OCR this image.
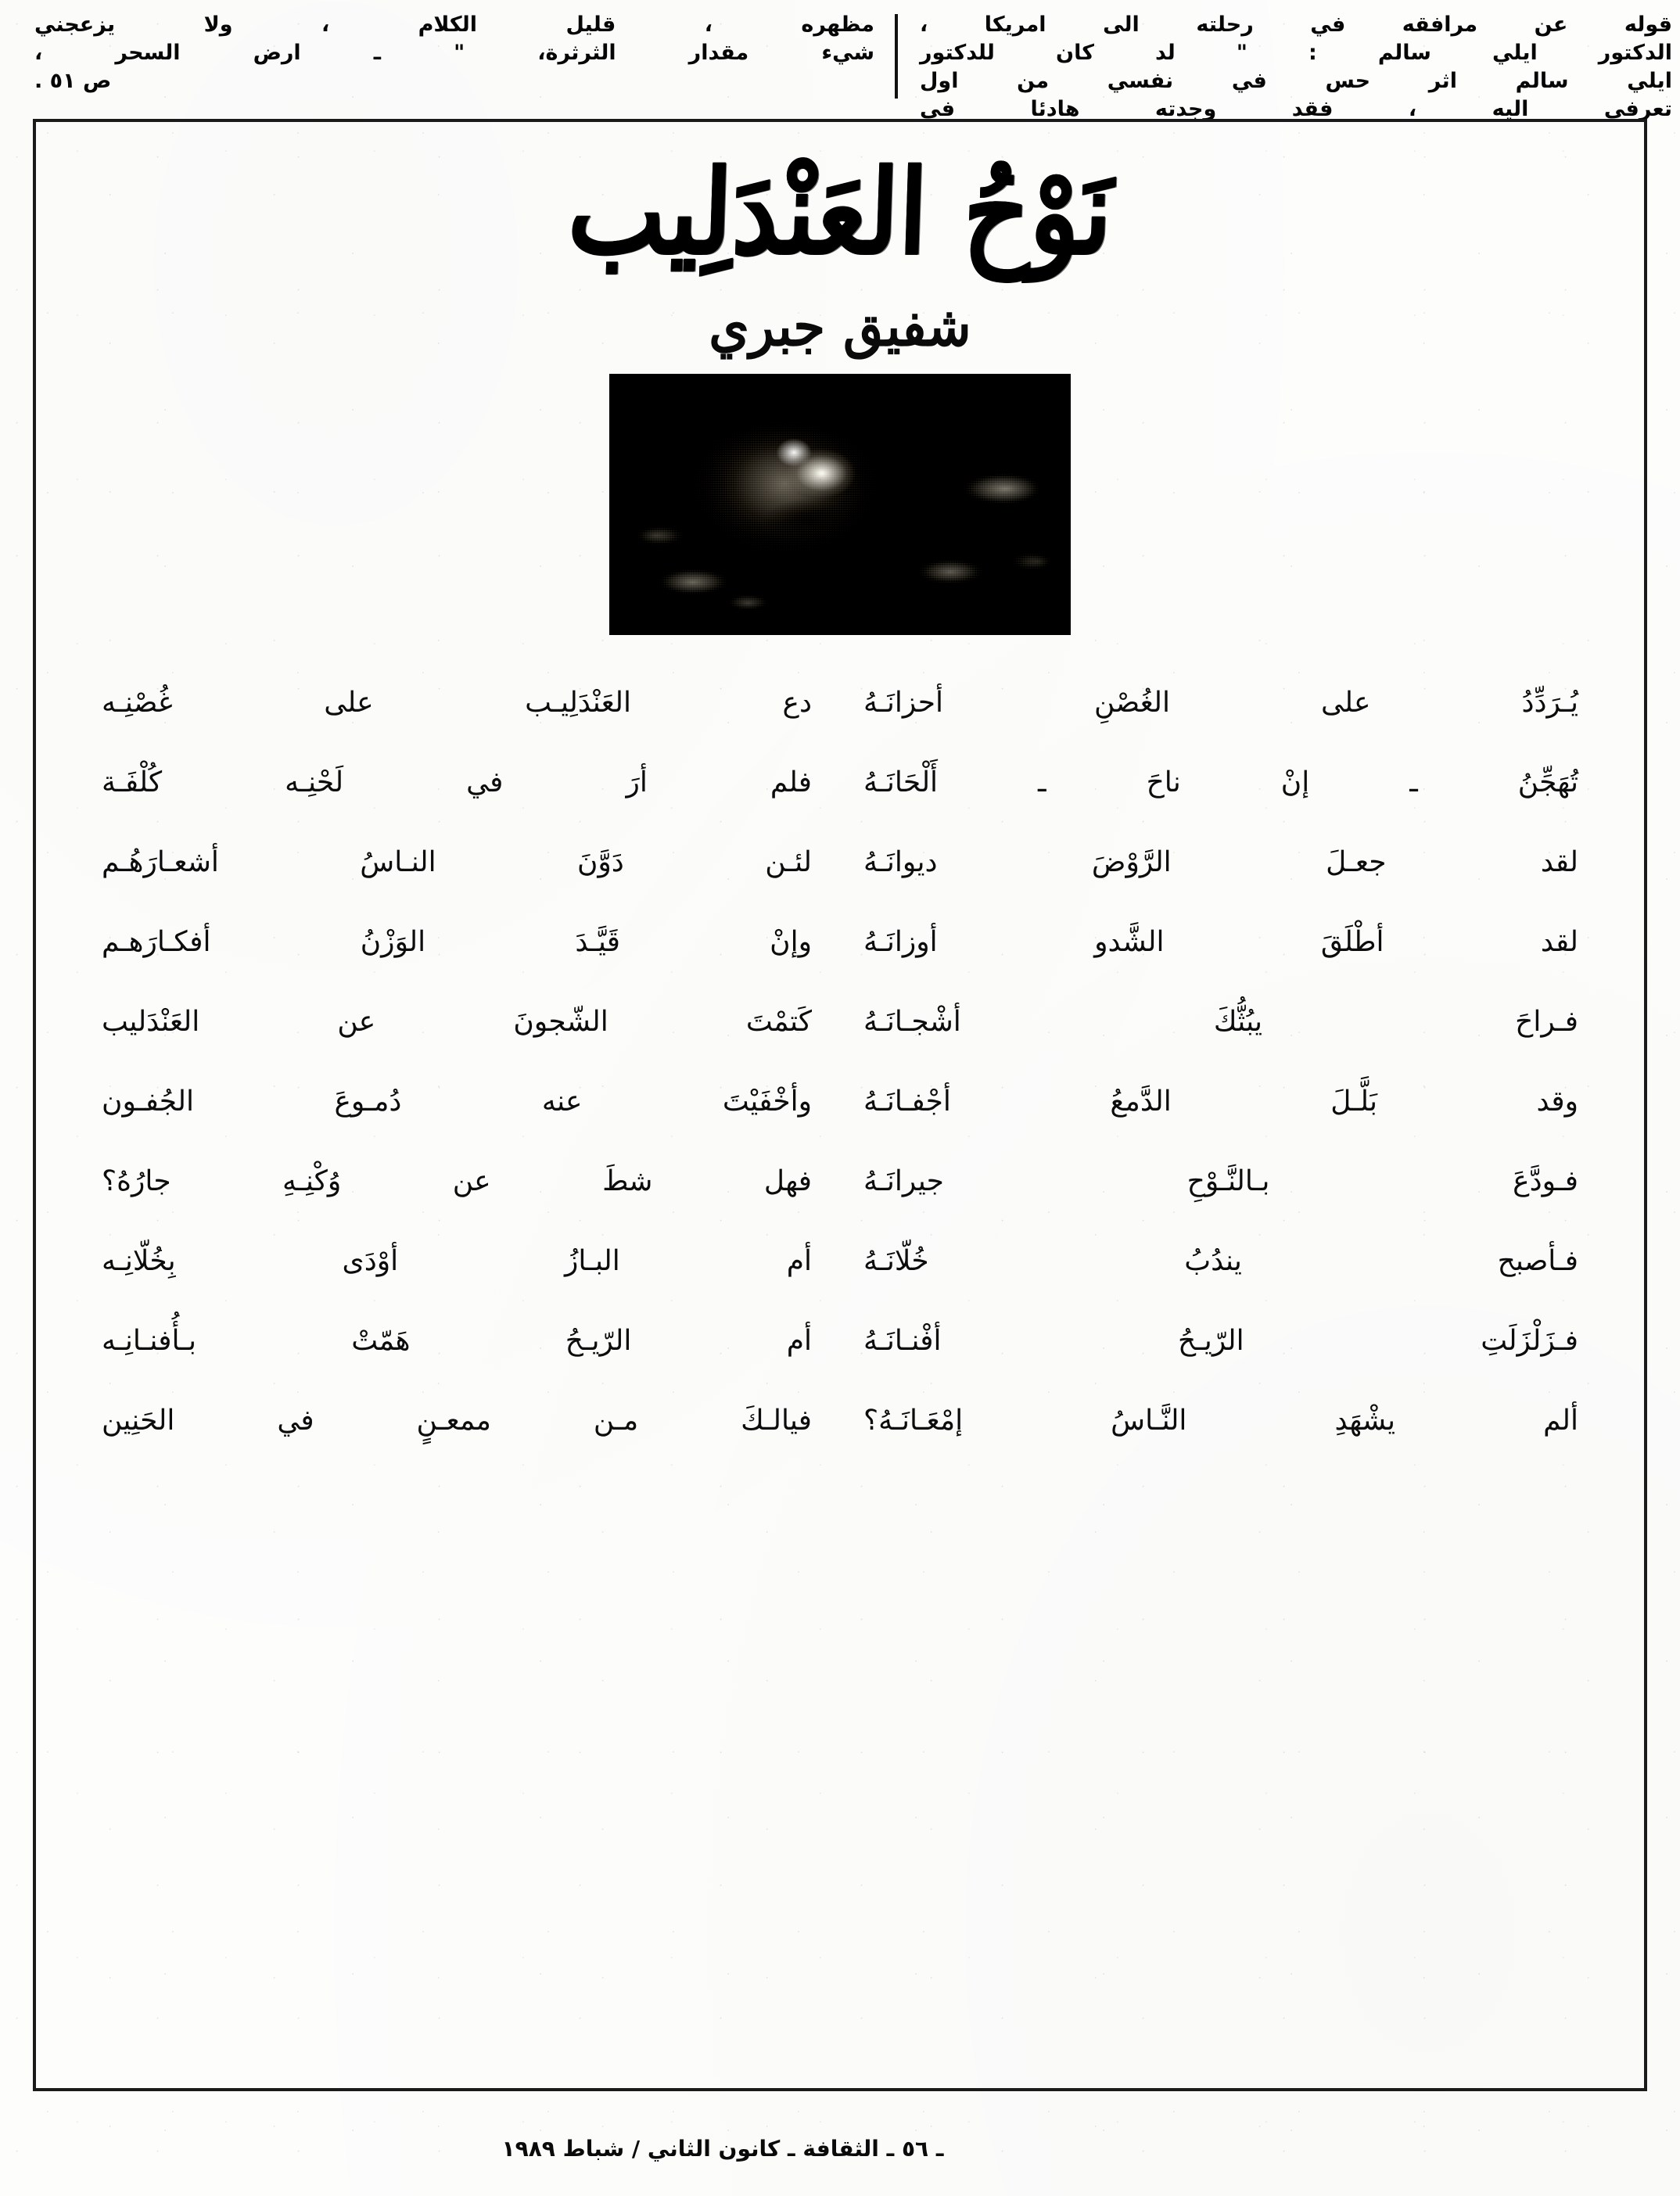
قوله عن مرافقه في رحلته الى امريكا ،
الدكتور ايلي سالم : " لد كان للدكتور
ايلي سالم اثر حس في نفسي من اول
تعرفي اليه ، فقد وجدته هادئا في
مظهره ، قليل الكلام ، ولا يزعجني
شيء مقدار الثرثرة، " ـ ارض السحر ،
ص ٥١ .
نَوْحُ العَنْدَلِيب
شفيق جبري
يُـرَدِّدُ على الغُصْنِ أحزانَـهُ
تُهَجِّنُ ـ إنْ ناحَ ـ أَلْحَانَـهُ
لقد جعـلَ الرَّوْضَ ديوانَـهُ
لقد أطْلَقَ الشَّدو أوزانَـهُ
فـراحَ يبُثُّكَ أشْجـانَـهُ
وقد بَلَّـلَ الدَّمعُ أجْفـانَـهُ
فـودَّعَ بـالنَّـوْحِ جيرانَـهُ
فـأصبح يندُبُ خُلّانَـهُ
فـزَلْزَلَتِ الرّيـحُ أفْنـانَـهُ
ألم يشْهَدِ النَّـاسُ إمْعَـانَـهُ؟
دع العَنْدَلِيـب على غُصْنِـه
فلم أرَ في لَحْنِـه كُلْفَـة
لئـن دَوَّنَ النـاسُ أشعـارَهُـم
وإنْ قَيَّـدَ الوَزْنُ أفكـارَهـم
كَتمْتَ الشّجونَ عن العَنْدَليب
وأخْفَيْتَ عنه دُمـوعَ الجُفـون
فهل شطَ عن وُكْنِـهِ جارُهُ؟
أم البـازُ أوْدَى بِخُلّانِـه
أم الرّيـحُ هَمّتْ بـأُفنـانِـه
فيالـكَ مـن ممعـنٍ في الحَنِين
ـ ٥٦ ـ الثقافة ـ كانون الثاني / شباط ١٩٨٩
